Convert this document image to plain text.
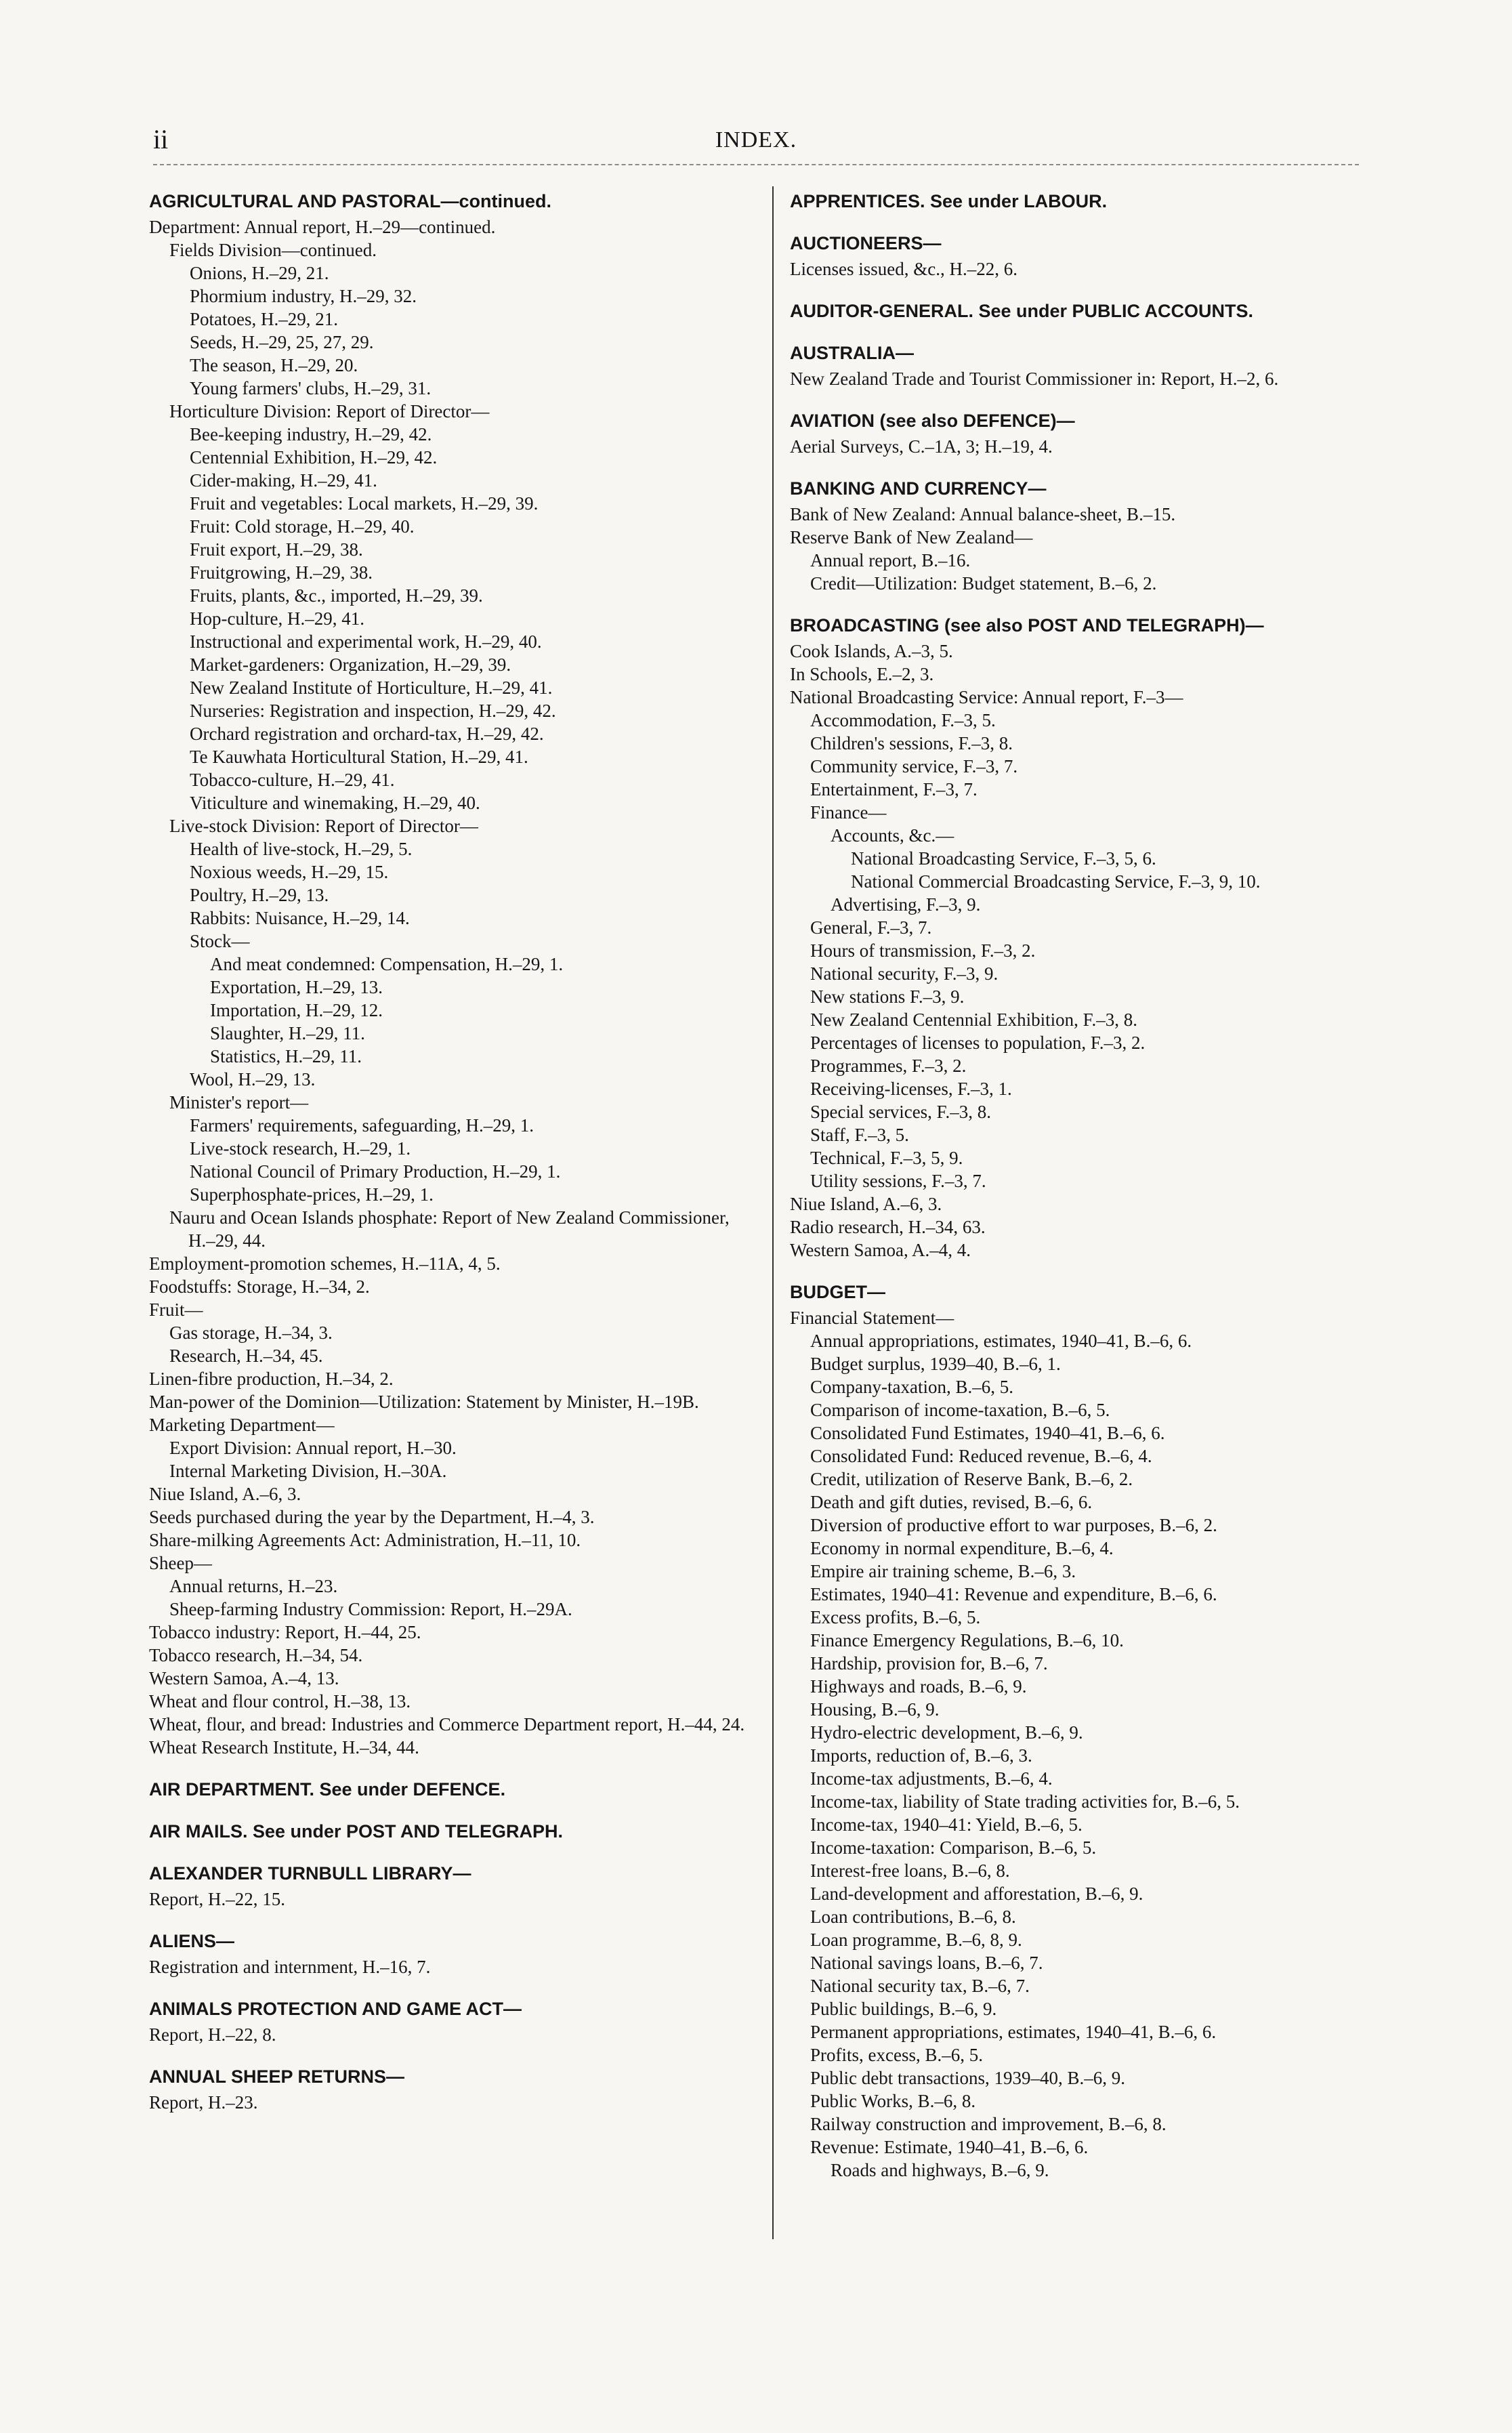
ii	INDEX.

AGRICULTURAL AND PASTORAL—continued.

Department: Annual report, H.–29—continued.

Fields Division—continued.

Onions, H.–29, 21.

Phormium industry, H.–29, 32.

Potatoes, H.–29, 21.

Seeds, H.–29, 25, 27, 29.

The season, H.–29, 20.

Young farmers' clubs, H.–29, 31.

Horticulture Division: Report of Director—

Bee-keeping industry, H.–29, 42.

Centennial Exhibition, H.–29, 42.

Cider-making, H.–29, 41.

Fruit and vegetables: Local markets, H.–29, 39.

Fruit: Cold storage, H.–29, 40.

Fruit export, H.–29, 38.

Fruitgrowing, H.–29, 38.

Fruits, plants, &c., imported, H.–29, 39.

Hop-culture, H.–29, 41.

Instructional and experimental work, H.–29, 40.

Market-gardeners: Organization, H.–29, 39.

New Zealand Institute of Horticulture, H.–29, 41.

Nurseries: Registration and inspection, H.–29, 42.

Orchard registration and orchard-tax, H.–29, 42.

Te Kauwhata Horticultural Station, H.–29, 41.

Tobacco-culture, H.–29, 41.

Viticulture and winemaking, H.–29, 40.

Live-stock Division: Report of Director—

Health of live-stock, H.–29, 5.

Noxious weeds, H.–29, 15.

Poultry, H.–29, 13.

Rabbits: Nuisance, H.–29, 14.

Stock—

And meat condemned: Compensation, H.–29, 1.

Exportation, H.–29, 13.

Importation, H.–29, 12.

Slaughter, H.–29, 11.

Statistics, H.–29, 11.

Wool, H.–29, 13.

Minister's report—

Farmers' requirements, safeguarding, H.–29, 1.

Live-stock research, H.–29, 1.

National Council of Primary Production, H.–29, 1.

Superphosphate-prices, H.–29, 1.

Nauru and Ocean Islands phosphate: Report of New Zealand Commissioner, H.–29, 44.

Employment-promotion schemes, H.–11A, 4, 5.

Foodstuffs: Storage, H.–34, 2.

Fruit—

Gas storage, H.–34, 3.

Research, H.–34, 45.

Linen-fibre production, H.–34, 2.

Man-power of the Dominion—Utilization: Statement by Minister, H.–19B.

Marketing Department—

Export Division: Annual report, H.–30.

Internal Marketing Division, H.–30A.

Niue Island, A.–6, 3.

Seeds purchased during the year by the Department, H.–4, 3.

Share-milking Agreements Act: Administration, H.–11, 10.

Sheep—

Annual returns, H.–23.

Sheep-farming Industry Commission: Report, H.–29A.

Tobacco industry: Report, H.–44, 25.

Tobacco research, H.–34, 54.

Western Samoa, A.–4, 13.

Wheat and flour control, H.–38, 13.

Wheat, flour, and bread: Industries and Commerce Department report, H.–44, 24.

Wheat Research Institute, H.–34, 44.

AIR DEPARTMENT. See under DEFENCE.

AIR MAILS. See under POST AND TELEGRAPH.

ALEXANDER TURNBULL LIBRARY—

Report, H.–22, 15.

ALIENS—

Registration and internment, H.–16, 7.

ANIMALS PROTECTION AND GAME ACT—

Report, H.–22, 8.

ANNUAL SHEEP RETURNS—

Report, H.–23.

APPRENTICES. See under LABOUR.

AUCTIONEERS—

Licenses issued, &c., H.–22, 6.

AUDITOR-GENERAL. See under PUBLIC ACCOUNTS.

AUSTRALIA—

New Zealand Trade and Tourist Commissioner in: Report, H.–2, 6.

AVIATION (see also DEFENCE)—

Aerial Surveys, C.–1A, 3; H.–19, 4.

BANKING AND CURRENCY—

Bank of New Zealand: Annual balance-sheet, B.–15.

Reserve Bank of New Zealand—

Annual report, B.–16.

Credit—Utilization: Budget statement, B.–6, 2.

BROADCASTING (see also POST AND TELEGRAPH)—

Cook Islands, A.–3, 5.

In Schools, E.–2, 3.

National Broadcasting Service: Annual report, F.–3—

Accommodation, F.–3, 5.

Children's sessions, F.–3, 8.

Community service, F.–3, 7.

Entertainment, F.–3, 7.

Finance—

Accounts, &c.—

National Broadcasting Service, F.–3, 5, 6.

National Commercial Broadcasting Service, F.–3, 9, 10.

Advertising, F.–3, 9.

General, F.–3, 7.

Hours of transmission, F.–3, 2.

National security, F.–3, 9.

New stations F.–3, 9.

New Zealand Centennial Exhibition, F.–3, 8.

Percentages of licenses to population, F.–3, 2.

Programmes, F.–3, 2.

Receiving-licenses, F.–3, 1.

Special services, F.–3, 8.

Staff, F.–3, 5.

Technical, F.–3, 5, 9.

Utility sessions, F.–3, 7.

Niue Island, A.–6, 3.

Radio research, H.–34, 63.

Western Samoa, A.–4, 4.

BUDGET—

Financial Statement—

Annual appropriations, estimates, 1940–41, B.–6, 6.

Budget surplus, 1939–40, B.–6, 1.

Company-taxation, B.–6, 5.

Comparison of income-taxation, B.–6, 5.

Consolidated Fund Estimates, 1940–41, B.–6, 6.

Consolidated Fund: Reduced revenue, B.–6, 4.

Credit, utilization of Reserve Bank, B.–6, 2.

Death and gift duties, revised, B.–6, 6.

Diversion of productive effort to war purposes, B.–6, 2.

Economy in normal expenditure, B.–6, 4.

Empire air training scheme, B.–6, 3.

Estimates, 1940–41: Revenue and expenditure, B.–6, 6.

Excess profits, B.–6, 5.

Finance Emergency Regulations, B.–6, 10.

Hardship, provision for, B.–6, 7.

Highways and roads, B.–6, 9.

Housing, B.–6, 9.

Hydro-electric development, B.–6, 9.

Imports, reduction of, B.–6, 3.

Income-tax adjustments, B.–6, 4.

Income-tax, liability of State trading activities for, B.–6, 5.

Income-tax, 1940–41: Yield, B.–6, 5.

Income-taxation: Comparison, B.–6, 5.

Interest-free loans, B.–6, 8.

Land-development and afforestation, B.–6, 9.

Loan contributions, B.–6, 8.

Loan programme, B.–6, 8, 9.

National savings loans, B.–6, 7.

National security tax, B.–6, 7.

Public buildings, B.–6, 9.

Permanent appropriations, estimates, 1940–41, B.–6, 6.

Profits, excess, B.–6, 5.

Public debt transactions, 1939–40, B.–6, 9.

Public Works, B.–6, 8.

Railway construction and improvement, B.–6, 8.

Revenue: Estimate, 1940–41, B.–6, 6.

Roads and highways, B.–6, 9.
